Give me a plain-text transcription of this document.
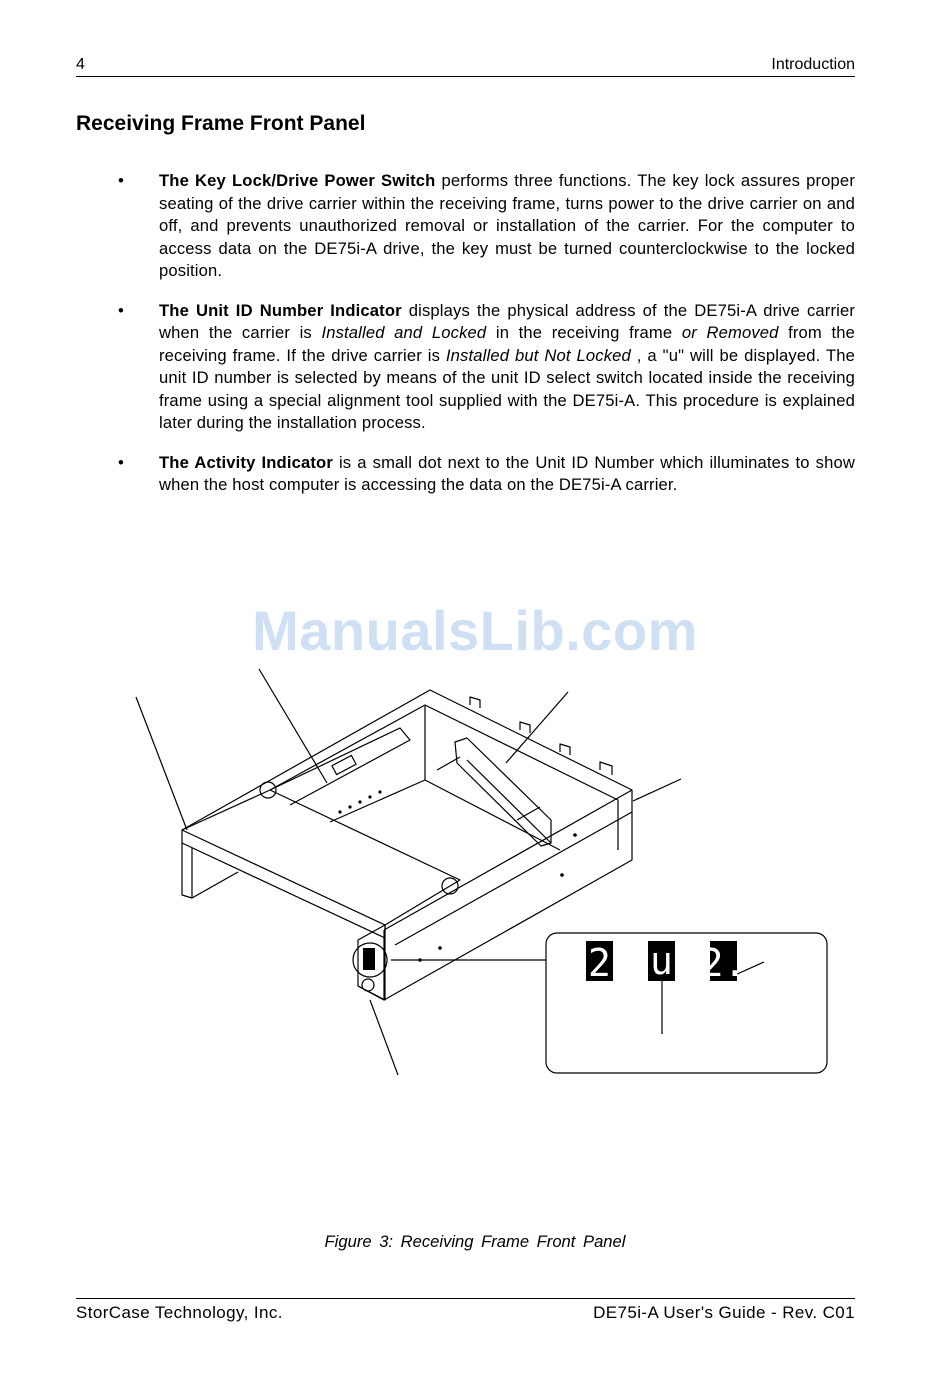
4	Introduction
Receiving Frame Front Panel
• The Key Lock/Drive Power Switch performs three functions. The key lock assures proper seating of the drive carrier within the receiving frame, turns power to the drive carrier on and off, and prevents unauthorized removal or installation of the carrier. For the computer to access data on the DE75i-A drive, the key must be turned counterclockwise to the locked position.
• The Unit ID Number Indicator displays the physical address of the DE75i-A drive carrier when the carrier is Installed and Locked in the receiving frame or Removed from the receiving frame. If the drive carrier is Installed but Not Locked , a "u" will be displayed. The unit ID number is selected by means of the unit ID select switch located inside the receiving frame using a special alignment tool supplied with the DE75i-A. This procedure is explained later during the installation process.
• The Activity Indicator is a small dot next to the Unit ID Number which illuminates to show when the host computer is accessing the data on the DE75i-A carrier.
ManualsLib.com
2 u 2.
Figure 3: Receiving Frame Front Panel
StorCase Technology, Inc.	DE75i-A User's Guide - Rev. C01
